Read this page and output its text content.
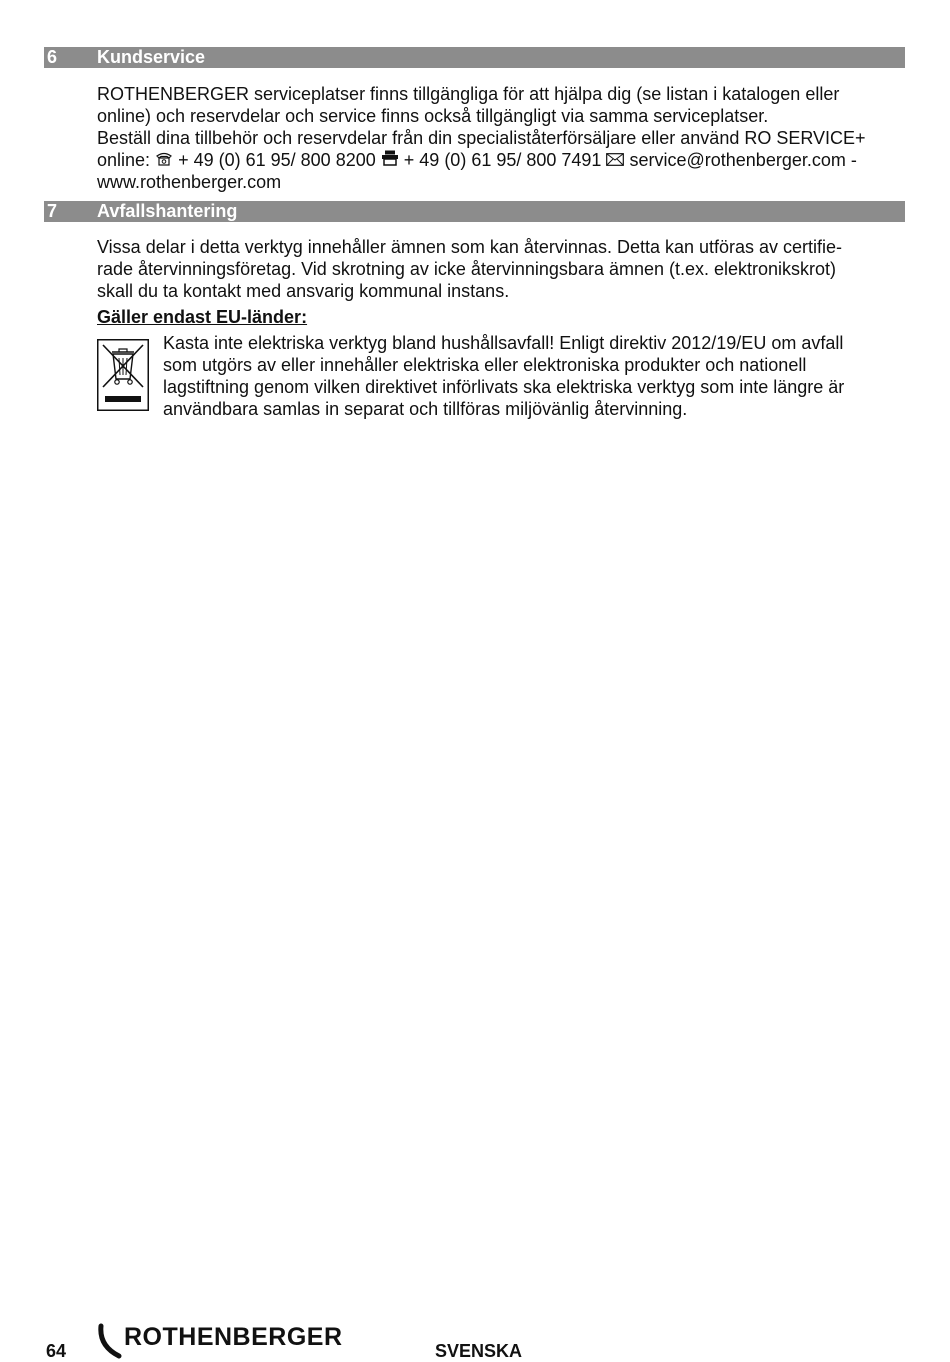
6 Kundservice
ROTHENBERGER serviceplatser finns tillgängliga för att hjälpa dig (se listan i katalogen eller
online) och reservdelar och service finns också tillgängligt via samma serviceplatser.
Beställ dina tillbehör och reservdelar från din specialiståterförsäljare eller använd RO SERVICE+
online: + 49 (0) 61 95/ 800 8200 + 49 (0) 61 95/ 800 7491 service@rothenberger.com -
www.rothenberger.com
7 Avfallshantering
Vissa delar i detta verktyg innehåller ämnen som kan återvinnas. Detta kan utföras av certifie-
rade återvinningsföretag. Vid skrotning av icke återvinningsbara ämnen (t.ex. elektronikskrot)
skall du ta kontakt med ansvarig kommunal instans.
Gäller endast EU-länder:
Kasta inte elektriska verktyg bland hushållsavfall! Enligt direktiv 2012/19/EU om avfall
som utgörs av eller innehåller elektriska eller elektroniska produkter och nationell
lagstiftning genom vilken direktivet införlivats ska elektriska verktyg som inte längre är
användbara samlas in separat och tillföras miljövänlig återvinning.
64 ROTHENBERGER	SVENSKA
